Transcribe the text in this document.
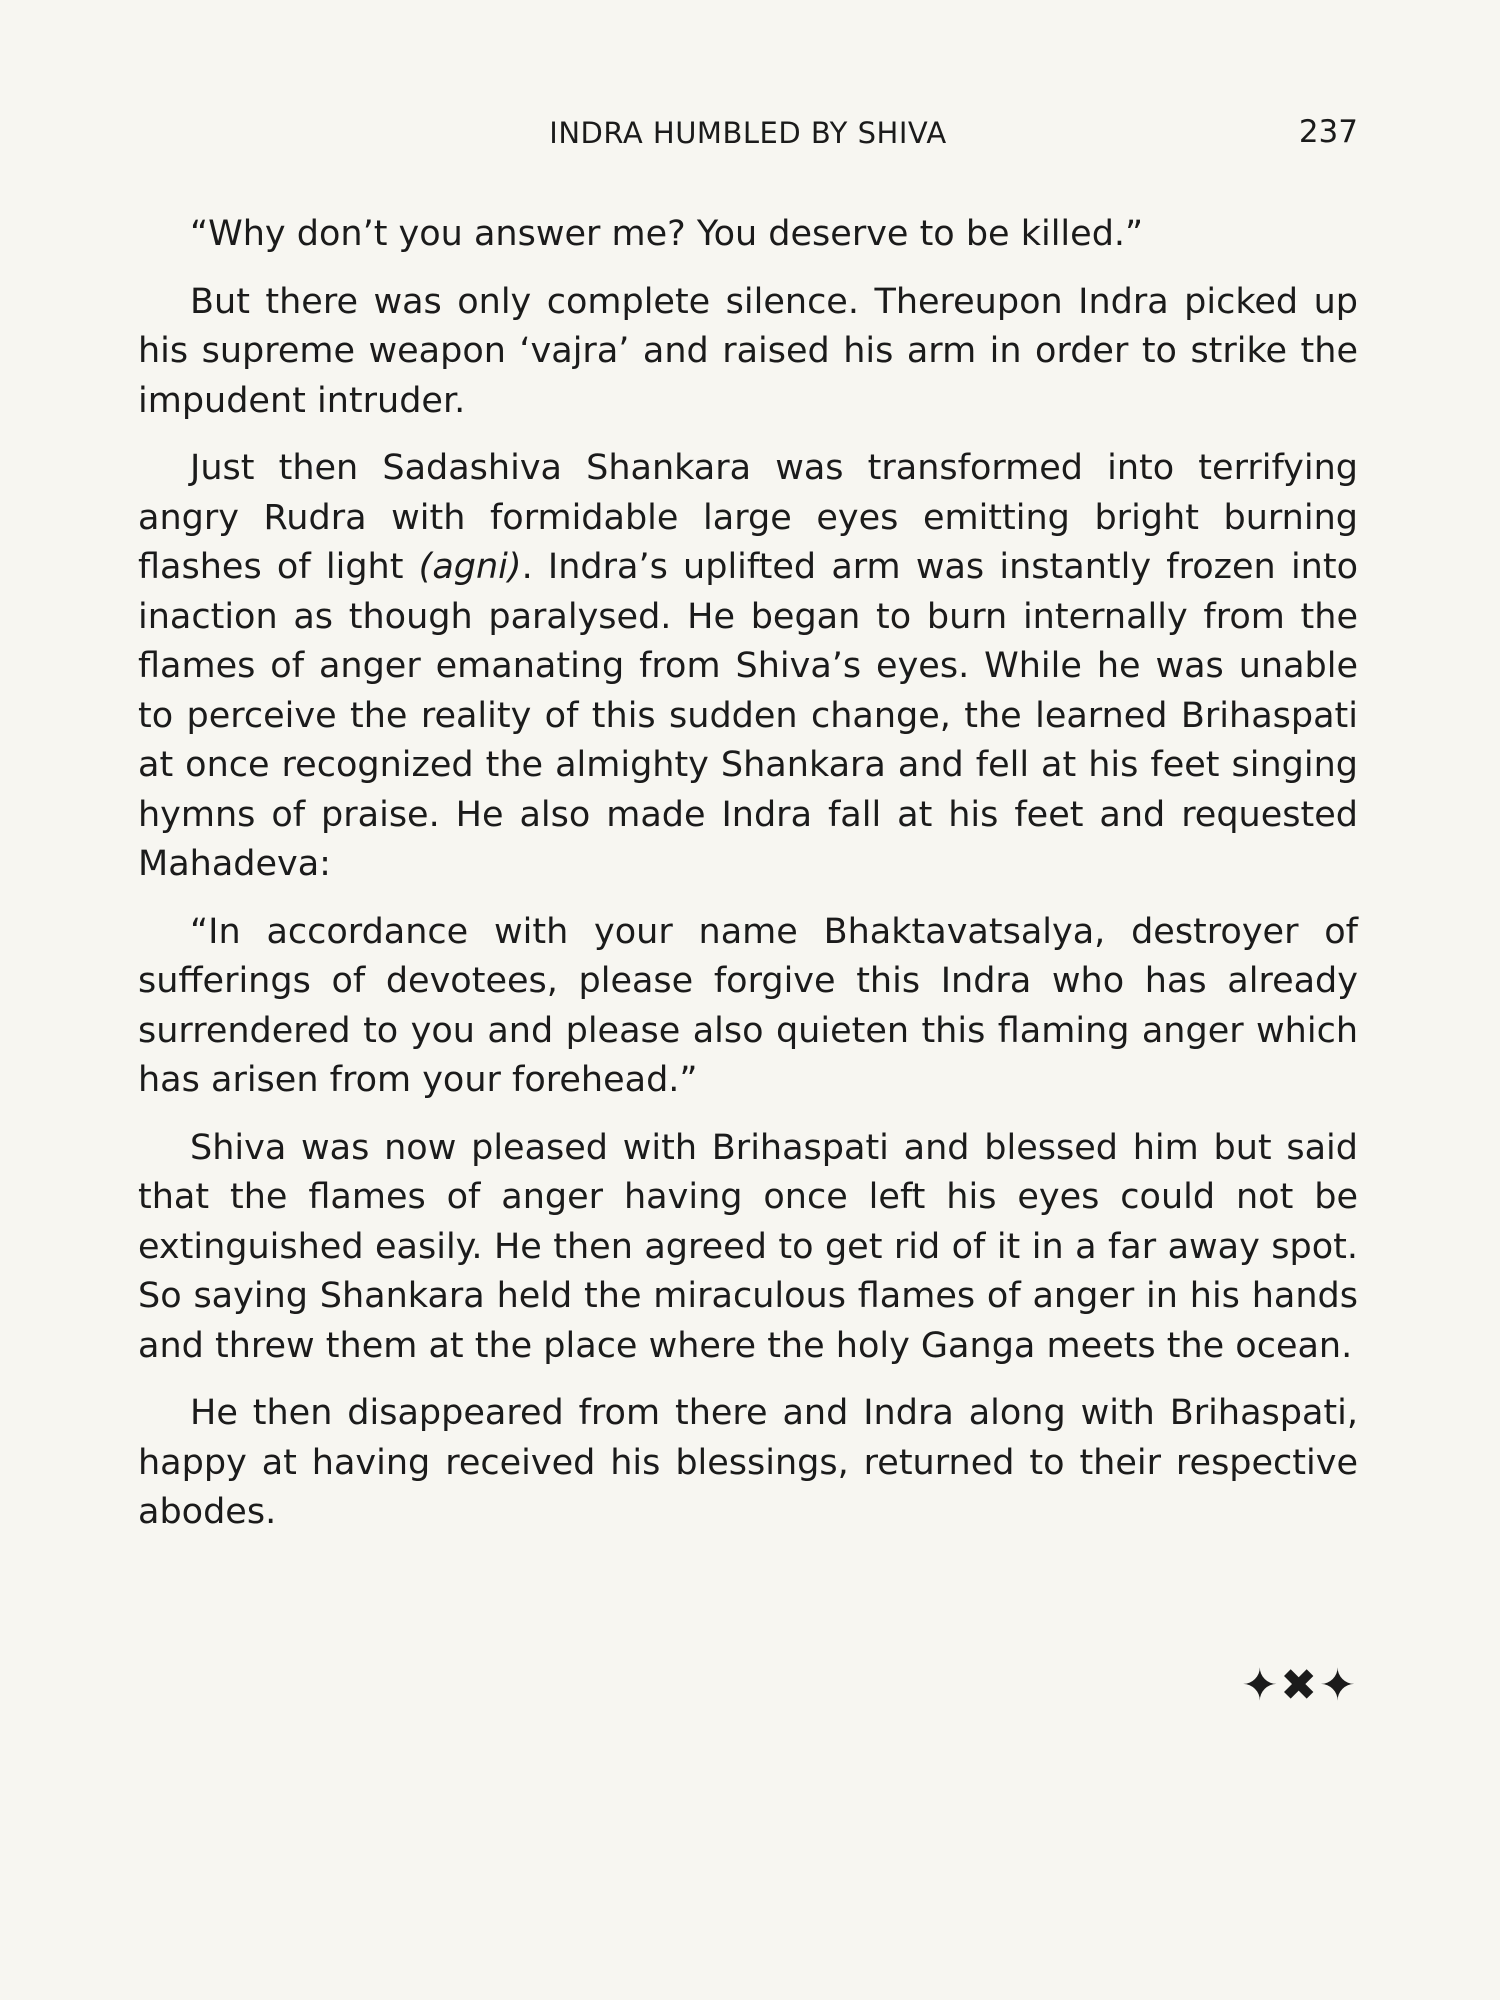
INDRA HUMBLED BY SHIVA	237

“Why don’t you answer me? You deserve to be killed.”

But there was only complete silence. Thereupon Indra picked up his supreme weapon ‘vajra’ and raised his arm in order to strike the impudent intruder.

Just then Sadashiva Shankara was transformed into terrifying angry Rudra with formidable large eyes emitting bright burning flashes of light (agni). Indra’s uplifted arm was instantly frozen into inaction as though paralysed. He began to burn internally from the flames of anger emanating from Shiva’s eyes. While he was unable to perceive the reality of this sudden change, the learned Brihaspati at once recognized the almighty Shankara and fell at his feet singing hymns of praise. He also made Indra fall at his feet and requested Mahadeva:

“In accordance with your name Bhaktavatsalya, destroyer of sufferings of devotees, please forgive this Indra who has already surrendered to you and please also quieten this flaming anger which has arisen from your forehead.”

Shiva was now pleased with Brihaspati and blessed him but said that the flames of anger having once left his eyes could not be extinguished easily. He then agreed to get rid of it in a far away spot. So saying Shankara held the miraculous flames of anger in his hands and threw them at the place where the holy Ganga meets the ocean.

He then disappeared from there and Indra along with Brihaspati, happy at having received his blessings, returned to their respective abodes.

✦✖✦
